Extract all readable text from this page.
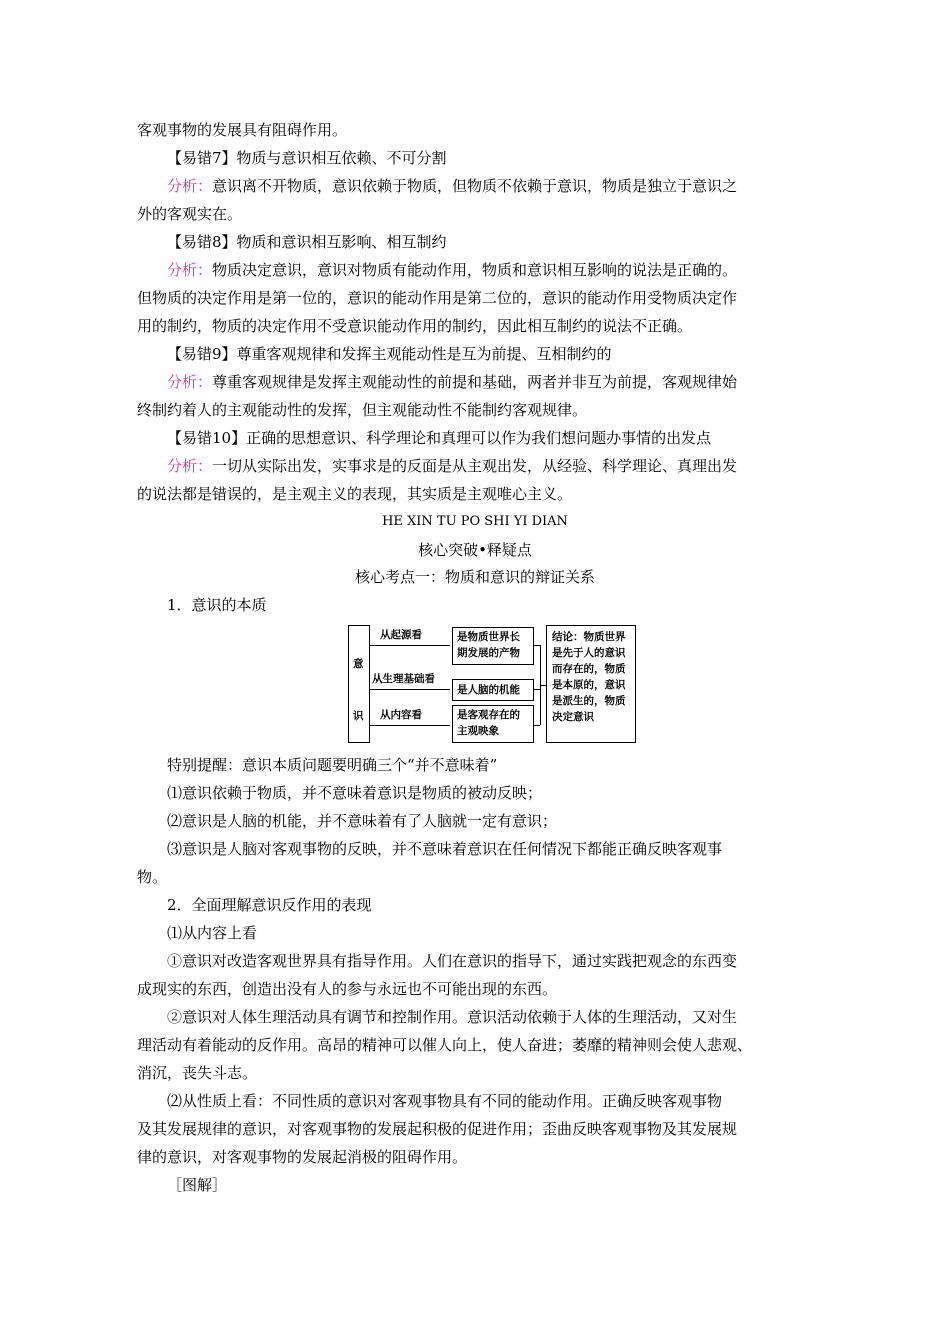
客观事物的发展具有阻碍作用。
【易错7】物质与意识相互依赖、不可分割
分析：意识离不开物质，意识依赖于物质，但物质不依赖于意识，物质是独立于意识之
外的客观实在。
【易错8】物质和意识相互影响、相互制约
分析：物质决定意识，意识对物质有能动作用，物质和意识相互影响的说法是正确的。
但物质的决定作用是第一位的，意识的能动作用是第二位的，意识的能动作用受物质决定作
用的制约，物质的决定作用不受意识能动作用的制约，因此相互制约的说法不正确。
【易错9】尊重客观规律和发挥主观能动性是互为前提、互相制约的
分析：尊重客观规律是发挥主观能动性的前提和基础，两者并非互为前提，客观规律始
终制约着人的主观能动性的发挥，但主观能动性不能制约客观规律。
【易错10】正确的思想意识、科学理论和真理可以作为我们想问题办事情的出发点
分析：一切从实际出发，实事求是的反面是从主观出发，从经验、科学理论、真理出发
的说法都是错误的，是主观主义的表现，其实质是主观唯心主义。
HE XIN TU PO SHI YI DIAN
核心突破•释疑点
核心考点一：物质和意识的辩证关系
1．意识的本质
特别提醒：意识本质问题要明确三个“并不意味着”
⑴意识依赖于物质，并不意味着意识是物质的被动反映；
⑵意识是人脑的机能，并不意味着有了人脑就一定有意识；
⑶意识是人脑对客观事物的反映，并不意味着意识在任何情况下都能正确反映客观事
物。
2．全面理解意识反作用的表现
⑴从内容上看
①意识对改造客观世界具有指导作用。人们在意识的指导下，通过实践把观念的东西变
成现实的东西，创造出没有人的参与永远也不可能出现的东西。
②意识对人体生理活动具有调节和控制作用。意识活动依赖于人体的生理活动，又对生
理活动有着能动的反作用。高昂的精神可以催人向上，使人奋进；萎靡的精神则会使人悲观、
消沉，丧失斗志。
⑵从性质上看：不同性质的意识对客观事物具有不同的能动作用。正确反映客观事物
及其发展规律的意识，对客观事物的发展起积极的促进作用；歪曲反映客观事物及其发展规
律的意识，对客观事物的发展起消极的阻碍作用。
［图解］
意
识
从起源看	是物质世界长期发展的产物
从生理基础看
是人脑的机能
从内容看	是客观存在的主观映象
结论：物质世界是先于人的意识而存在的，物质是本原的，意识是派生的，物质决定意识
